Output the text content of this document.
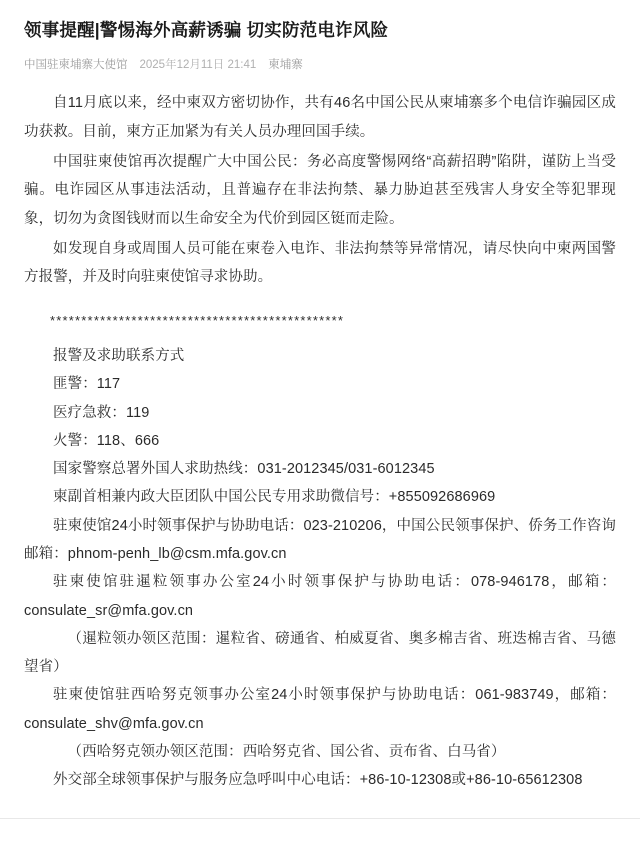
领事提醒|警惕海外高薪诱骗 切实防范电诈风险
中国驻柬埔寨大使馆 2025年12月11日 21:41 柬埔寨

自11月底以来，经中柬双方密切协作，共有46名中国公民从柬埔寨多个电信诈骗园区成功获救。目前，柬方正加紧为有关人员办理回国手续。

中国驻柬使馆再次提醒广大中国公民：务必高度警惕网络“高薪招聘”陷阱，谨防上当受骗。电诈园区从事违法活动，且普遍存在非法拘禁、暴力胁迫甚至残害人身安全等犯罪现象，切勿为贪图钱财而以生命安全为代价到园区铤而走险。

如发现自身或周围人员可能在柬卷入电诈、非法拘禁等异常情况，请尽快向中柬两国警方报警，并及时向驻柬使馆寻求协助。

***********************************************

报警及求助联系方式

匪警：117

医疗急救：119

火警：118、666

国家警察总署外国人求助热线：031-2012345/031-6012345

柬副首相兼内政大臣团队中国公民专用求助微信号：+855092686969

驻柬使馆24小时领事保护与协助电话：023-210206，中国公民领事保护、侨务工作咨询邮箱：phnom-penh_lb@csm.mfa.gov.cn

驻柬使馆驻暹粒领事办公室24小时领事保护与协助电话：078-946178，邮箱：consulate_sr@mfa.gov.cn

（暹粒领办领区范围：暹粒省、磅通省、柏威夏省、奥多棉吉省、班迭棉吉省、马德望省）

驻柬使馆驻西哈努克领事办公室24小时领事保护与协助电话：061-983749，邮箱：consulate_shv@mfa.gov.cn

（西哈努克领办领区范围：西哈努克省、国公省、贡布省、白马省）

外交部全球领事保护与服务应急呼叫中心电话：+86-10-12308或+86-10-65612308
